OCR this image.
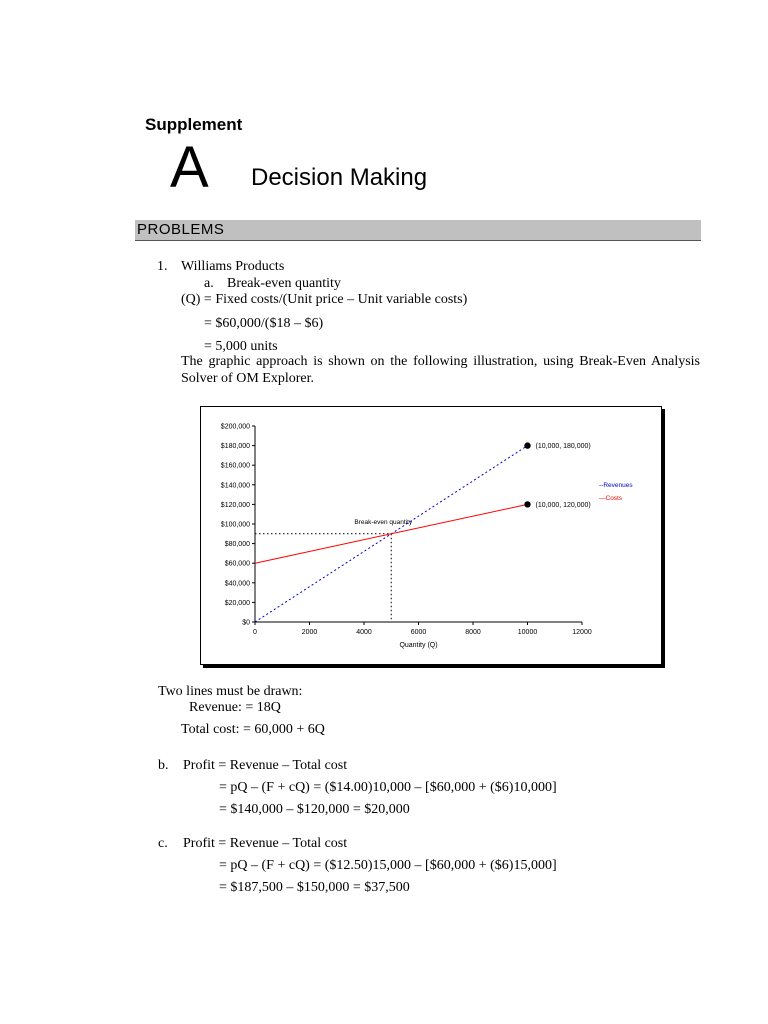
Supplement
A Decision Making
PROBLEMS
1. Williams Products
a. Break-even quantity
(Q) = Fixed costs/(Unit price – Unit variable costs)
= $60,000/($18 – $6)
= 5,000 units
The graphic approach is shown on the following illustration, using Break-Even Analysis Solver of OM Explorer.
$0
$20,000
$40,000
$60,000
$80,000
$100,000
$120,000
$140,000
$160,000
$180,000
$200,000
0	2000	4000	6000	8000	10000	12000
Quantity (Q)
Break-even quantity
(10,000, 180,000)
(10,000, 120,000)
--Revenues
—Costs
Two lines must be drawn:
Revenue: = 18Q
Total cost: = 60,000 + 6Q
b. Profit = Revenue – Total cost
= pQ – (F + cQ) = ($14.00)10,000 – [$60,000 + ($6)10,000]
= $140,000 – $120,000 = $20,000
c. Profit = Revenue – Total cost
= pQ – (F + cQ) = ($12.50)15,000 – [$60,000 + ($6)15,000]
= $187,500 – $150,000 = $37,500
